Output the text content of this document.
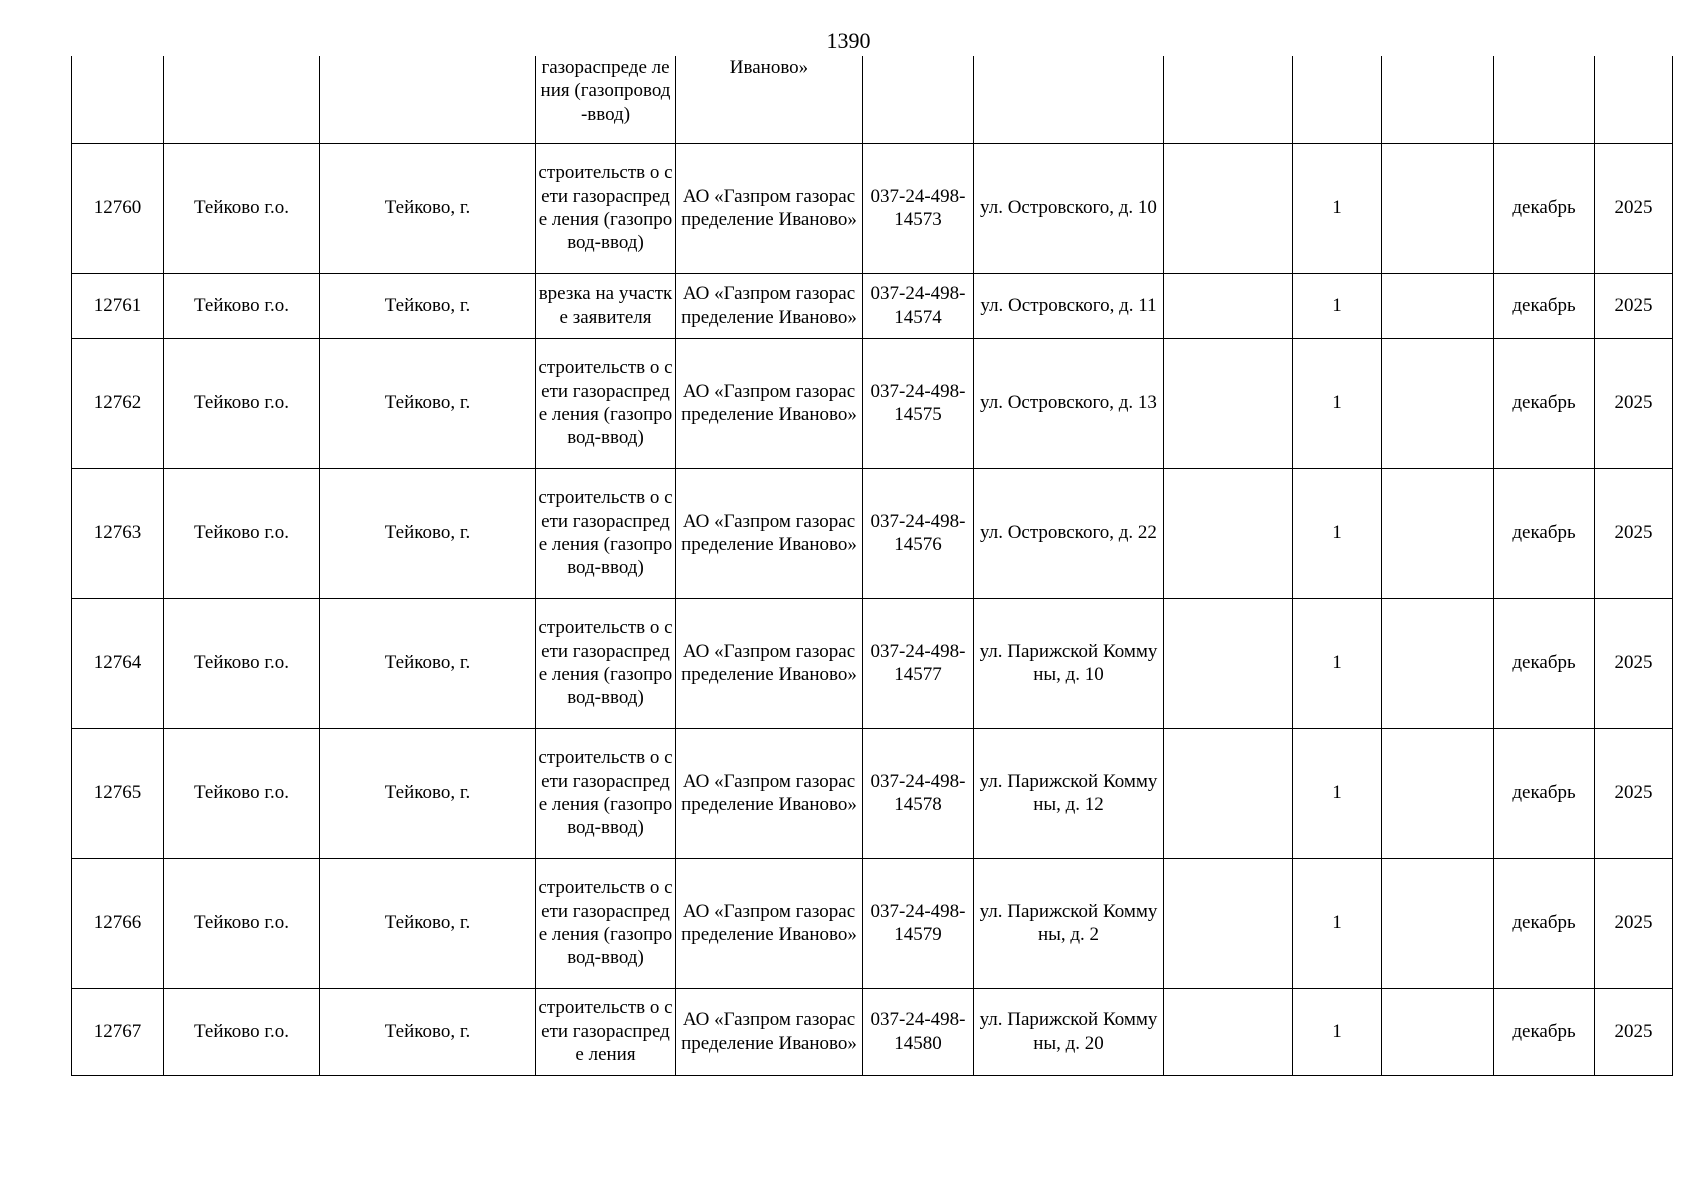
1390
			газораспреде ления (газопровод-ввод)	Иваново»							
12760	Тейково г.о.	Тейково, г.	строительств о сети газораспреде ления (газопровод-ввод)	АО «Газпром газораспределение Иваново»	037-24-498-14573	ул. Островского, д. 10		1		декабрь	2025
12761	Тейково г.о.	Тейково, г.	врезка на участке заявителя	АО «Газпром газораспределение Иваново»	037-24-498-14574	ул. Островского, д. 11		1		декабрь	2025
12762	Тейково г.о.	Тейково, г.	строительств о сети газораспреде ления (газопровод-ввод)	АО «Газпром газораспределение Иваново»	037-24-498-14575	ул. Островского, д. 13		1		декабрь	2025
12763	Тейково г.о.	Тейково, г.	строительств о сети газораспреде ления (газопровод-ввод)	АО «Газпром газораспределение Иваново»	037-24-498-14576	ул. Островского, д. 22		1		декабрь	2025
12764	Тейково г.о.	Тейково, г.	строительств о сети газораспреде ления (газопровод-ввод)	АО «Газпром газораспределение Иваново»	037-24-498-14577	ул. Парижской Коммуны, д. 10		1		декабрь	2025
12765	Тейково г.о.	Тейково, г.	строительств о сети газораспреде ления (газопровод-ввод)	АО «Газпром газораспределение Иваново»	037-24-498-14578	ул. Парижской Коммуны, д. 12		1		декабрь	2025
12766	Тейково г.о.	Тейково, г.	строительств о сети газораспреде ления (газопровод-ввод)	АО «Газпром газораспределение Иваново»	037-24-498-14579	ул. Парижской Коммуны, д. 2		1		декабрь	2025
12767	Тейково г.о.	Тейково, г.	строительств о сети газораспреде ления	АО «Газпром газораспределение Иваново»	037-24-498-14580	ул. Парижской Коммуны, д. 20		1		декабрь	2025
